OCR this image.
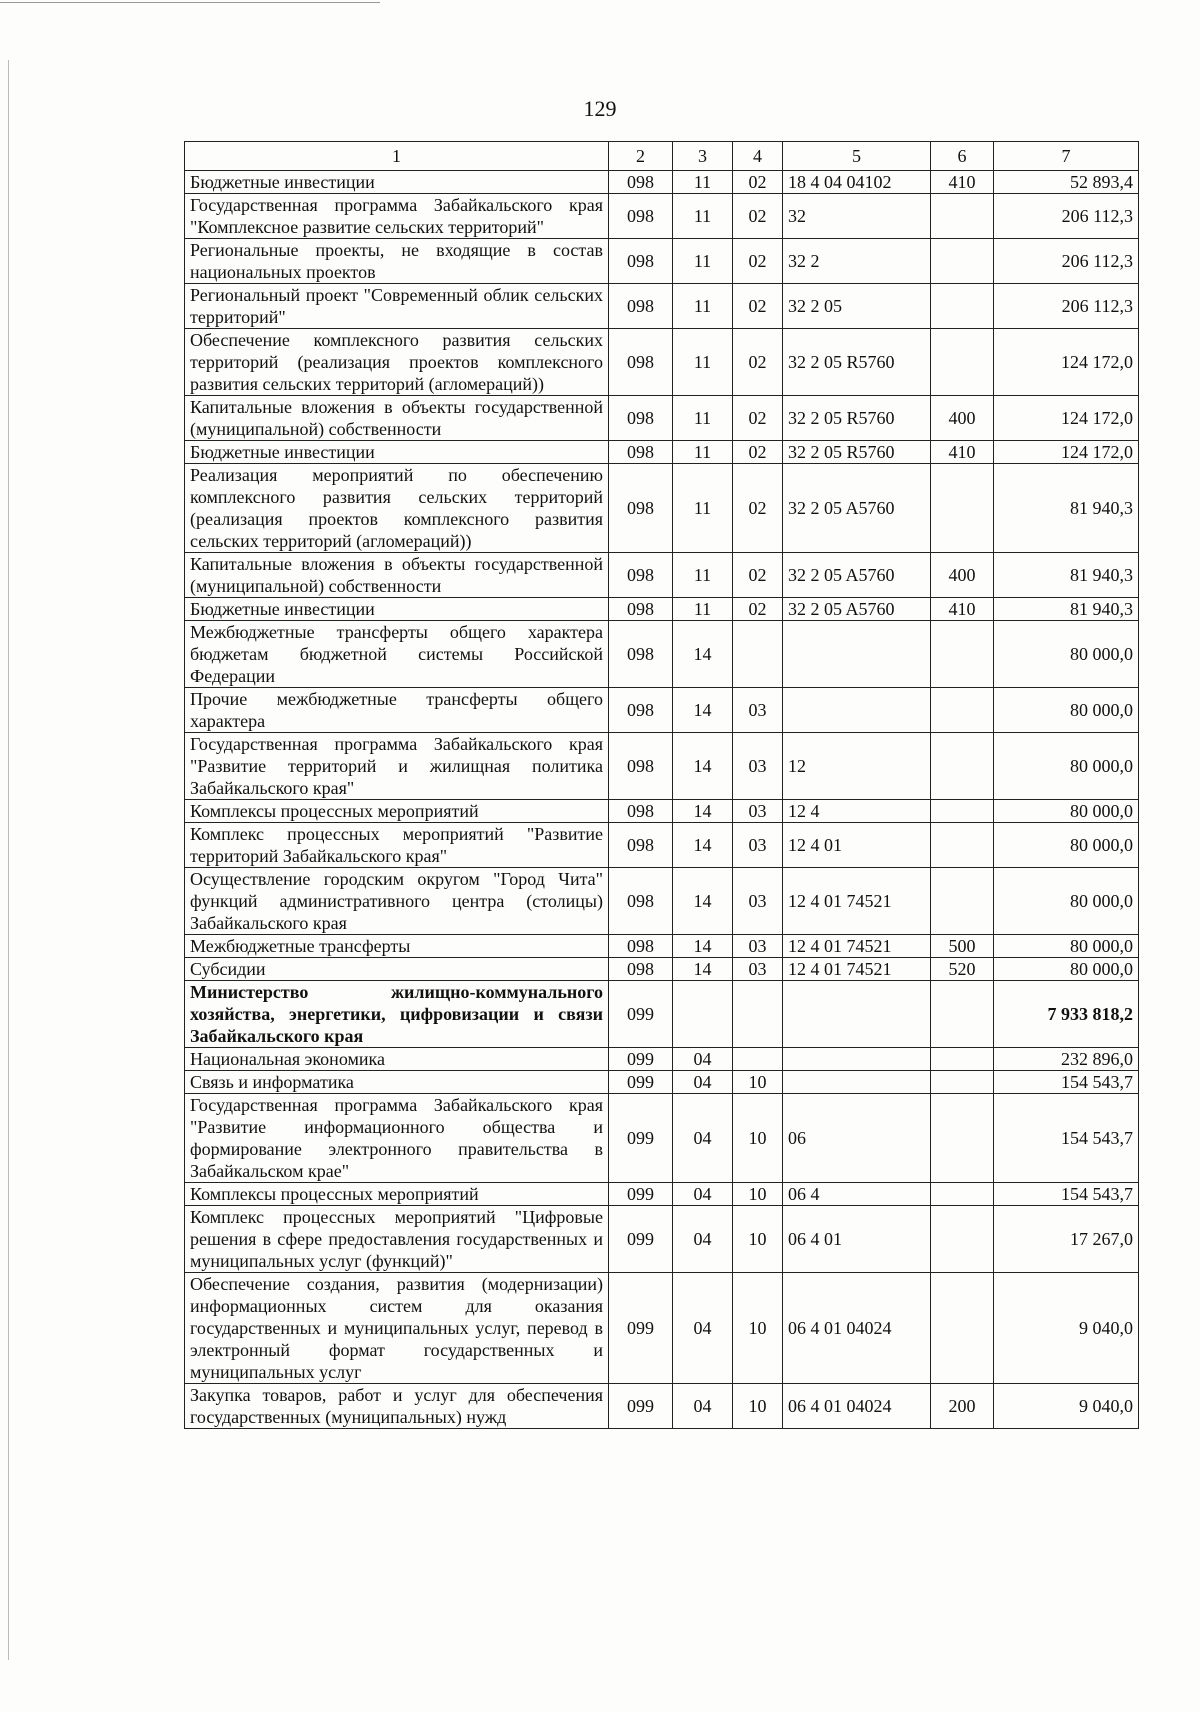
129
1	2	3	4	5	6	7
Бюджетные инвестиции	098	11	02	18 4 04 04102	410	52 893,4
Государственная программа Забайкальского края "Комплексное развитие сельских территорий"	098	11	02	32		206 112,3
Региональные проекты, не входящие в состав национальных проектов	098	11	02	32 2		206 112,3
Региональный проект "Современный облик сельских территорий"	098	11	02	32 2 05		206 112,3
Обеспечение комплексного развития сельских территорий (реализация проектов комплексного развития сельских территорий (агломераций))	098	11	02	32 2 05 R5760		124 172,0
Капитальные вложения в объекты государственной (муниципальной) собственности	098	11	02	32 2 05 R5760	400	124 172,0
Бюджетные инвестиции	098	11	02	32 2 05 R5760	410	124 172,0
Реализация мероприятий по обеспечению комплексного развития сельских территорий (реализация проектов комплексного развития сельских территорий (агломераций))	098	11	02	32 2 05 A5760		81 940,3
Капитальные вложения в объекты государственной (муниципальной) собственности	098	11	02	32 2 05 A5760	400	81 940,3
Бюджетные инвестиции	098	11	02	32 2 05 A5760	410	81 940,3
Межбюджетные трансферты общего характера бюджетам бюджетной системы Российской Федерации	098	14				80 000,0
Прочие межбюджетные трансферты общего характера	098	14	03			80 000,0
Государственная программа Забайкальского края "Развитие территорий и жилищная политика Забайкальского края"	098	14	03	12		80 000,0
Комплексы процессных мероприятий	098	14	03	12 4		80 000,0
Комплекс процессных мероприятий "Развитие территорий Забайкальского края"	098	14	03	12 4 01		80 000,0
Осуществление городским округом "Город Чита" функций административного центра (столицы) Забайкальского края	098	14	03	12 4 01 74521		80 000,0
Межбюджетные трансферты	098	14	03	12 4 01 74521	500	80 000,0
Субсидии	098	14	03	12 4 01 74521	520	80 000,0
Министерство жилищно-коммунального хозяйства, энергетики, цифровизации и связи Забайкальского края	099					7 933 818,2
Национальная экономика	099	04				232 896,0
Связь и информатика	099	04	10			154 543,7
Государственная программа Забайкальского края "Развитие информационного общества и формирование электронного правительства в Забайкальском крае"	099	04	10	06		154 543,7
Комплексы процессных мероприятий	099	04	10	06 4		154 543,7
Комплекс процессных мероприятий "Цифровые решения в сфере предоставления государственных и муниципальных услуг (функций)"	099	04	10	06 4 01		17 267,0
Обеспечение создания, развития (модернизации) информационных систем для оказания государственных и муниципальных услуг, перевод в электронный формат государственных и муниципальных услуг	099	04	10	06 4 01 04024		9 040,0
Закупка товаров, работ и услуг для обеспечения государственных (муниципальных) нужд	099	04	10	06 4 01 04024	200	9 040,0
